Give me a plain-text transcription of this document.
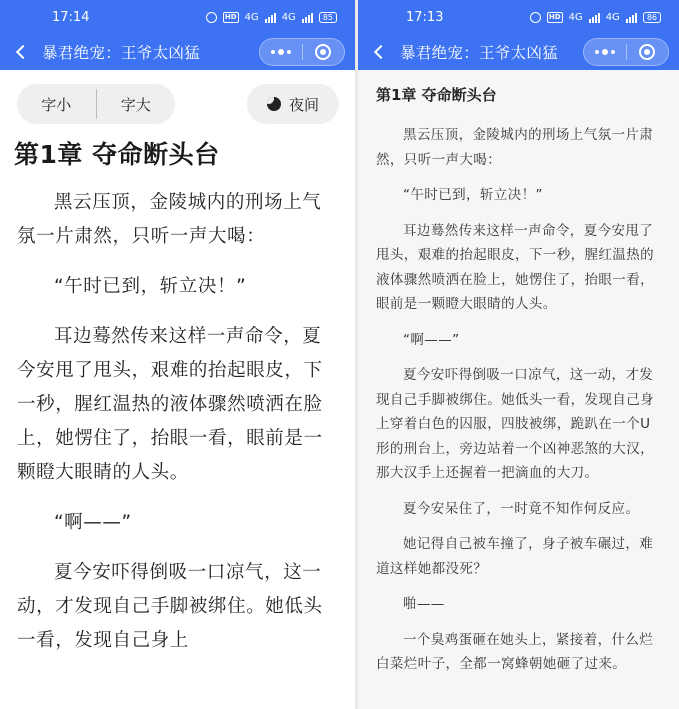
17:14	HD 4G 4G	85
暴君绝宠：王爷太凶猛
字小	字大	夜间
第1章 夺命断头台

黑云压顶，金陵城内的刑场上气氛一片肃然，只听一声大喝：

“午时已到，斩立决！”

耳边蓦然传来这样一声命令，夏今安甩了甩头，艰难的抬起眼皮，下一秒，腥红温热的液体骤然喷洒在脸上，她愣住了，抬眼一看，眼前是一颗瞪大眼睛的人头。

“啊——”

夏今安吓得倒吸一口凉气，这一动，才发现自己手脚被绑住。她低头一看，发现自己身上

17:13	HD 4G 4G	86
暴君绝宠：王爷太凶猛
第1章 夺命断头台

黑云压顶，金陵城内的刑场上气氛一片肃然，只听一声大喝：

“午时已到，斩立决！”

耳边蓦然传来这样一声命令，夏今安甩了甩头，艰难的抬起眼皮，下一秒，腥红温热的液体骤然喷洒在脸上，她愣住了，抬眼一看，眼前是一颗瞪大眼睛的人头。

“啊——”

夏今安吓得倒吸一口凉气，这一动，才发现自己手脚被绑住。她低头一看，发现自己身上穿着白色的囚服，四肢被绑，跪趴在一个U形的刑台上，旁边站着一个凶神恶煞的大汉，那大汉手上还握着一把滴血的大刀。

夏今安呆住了，一时竟不知作何反应。

她记得自己被车撞了，身子被车碾过，难道这样她都没死？

啪——

一个臭鸡蛋砸在她头上，紧接着，什么烂白菜烂叶子，全都一窝蜂朝她砸了过来。
